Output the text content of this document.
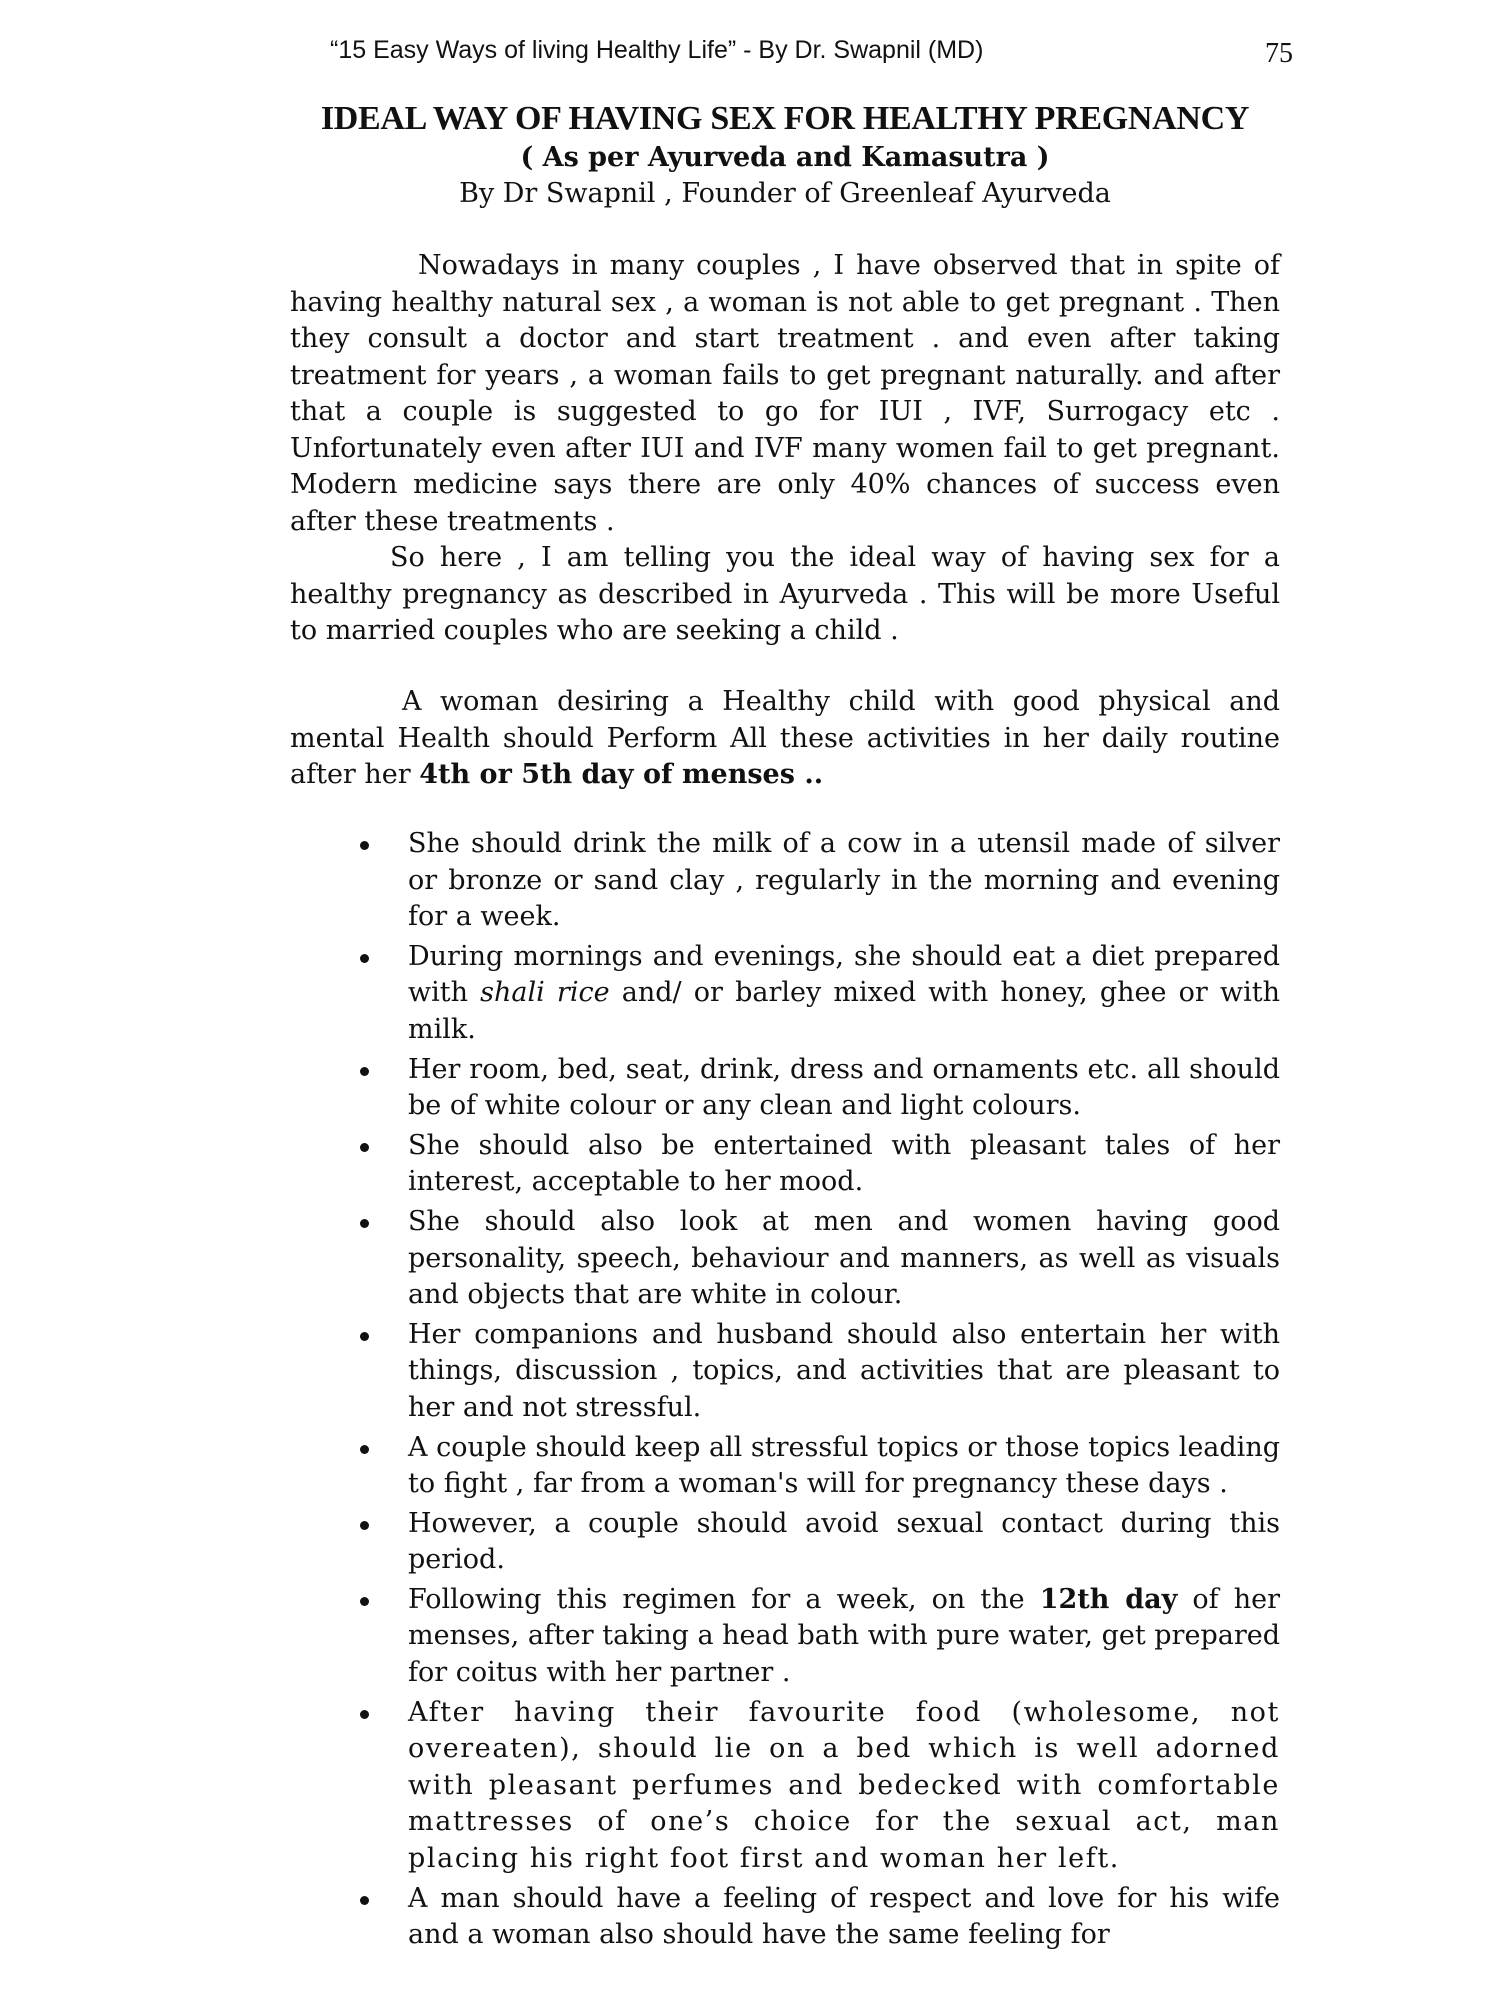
“15 Easy Ways of living Healthy Life” - By Dr. Swapnil (MD)	75
IDEAL WAY OF HAVING SEX FOR HEALTHY PREGNANCY
( As per Ayurveda and Kamasutra )
By Dr Swapnil , Founder of Greenleaf Ayurveda
Nowadays in many couples , I have observed that in spite of having healthy natural sex , a woman is not able to get pregnant . Then they consult a doctor and start treatment . and even after taking treatment for years , a woman fails to get pregnant naturally. and after that a couple is suggested to go for IUI , IVF, Surrogacy etc . Unfortunately even after IUI and IVF many women fail to get pregnant. Modern medicine says there are only 40% chances of success even after these treatments .
So here , I am telling you the ideal way of having sex for a healthy pregnancy as described in Ayurveda . This will be more Useful to married couples who are seeking a child .
A woman desiring a Healthy child with good physical and mental Health should Perform All these activities in her daily routine after her 4th or 5th day of menses ..
She should drink the milk of a cow in a utensil made of silver or bronze or sand clay , regularly in the morning and evening for a week.
During mornings and evenings, she should eat a diet prepared with shali rice and/ or barley mixed with honey, ghee or with milk.
Her room, bed, seat, drink, dress and ornaments etc. all should be of white colour or any clean and light colours.
She should also be entertained with pleasant tales of her interest, acceptable to her mood.
She should also look at men and women having good personality, speech, behaviour and manners, as well as visuals and objects that are white in colour.
Her companions and husband should also entertain her with things, discussion , topics, and activities that are pleasant to her and not stressful.
A couple should keep all stressful topics or those topics leading to fight , far from a woman's will for pregnancy these days .
However, a couple should avoid sexual contact during this period.
Following this regimen for a week, on the 12th day of her menses, after taking a head bath with pure water, get prepared for coitus with her partner .
After having their favourite food (wholesome, not overeaten), should lie on a bed which is well adorned with pleasant perfumes and bedecked with comfortable mattresses of one’s choice for the sexual act, man placing his right foot first and woman her left.
A man should have a feeling of respect and love for his wife and a woman also should have the same feeling for
